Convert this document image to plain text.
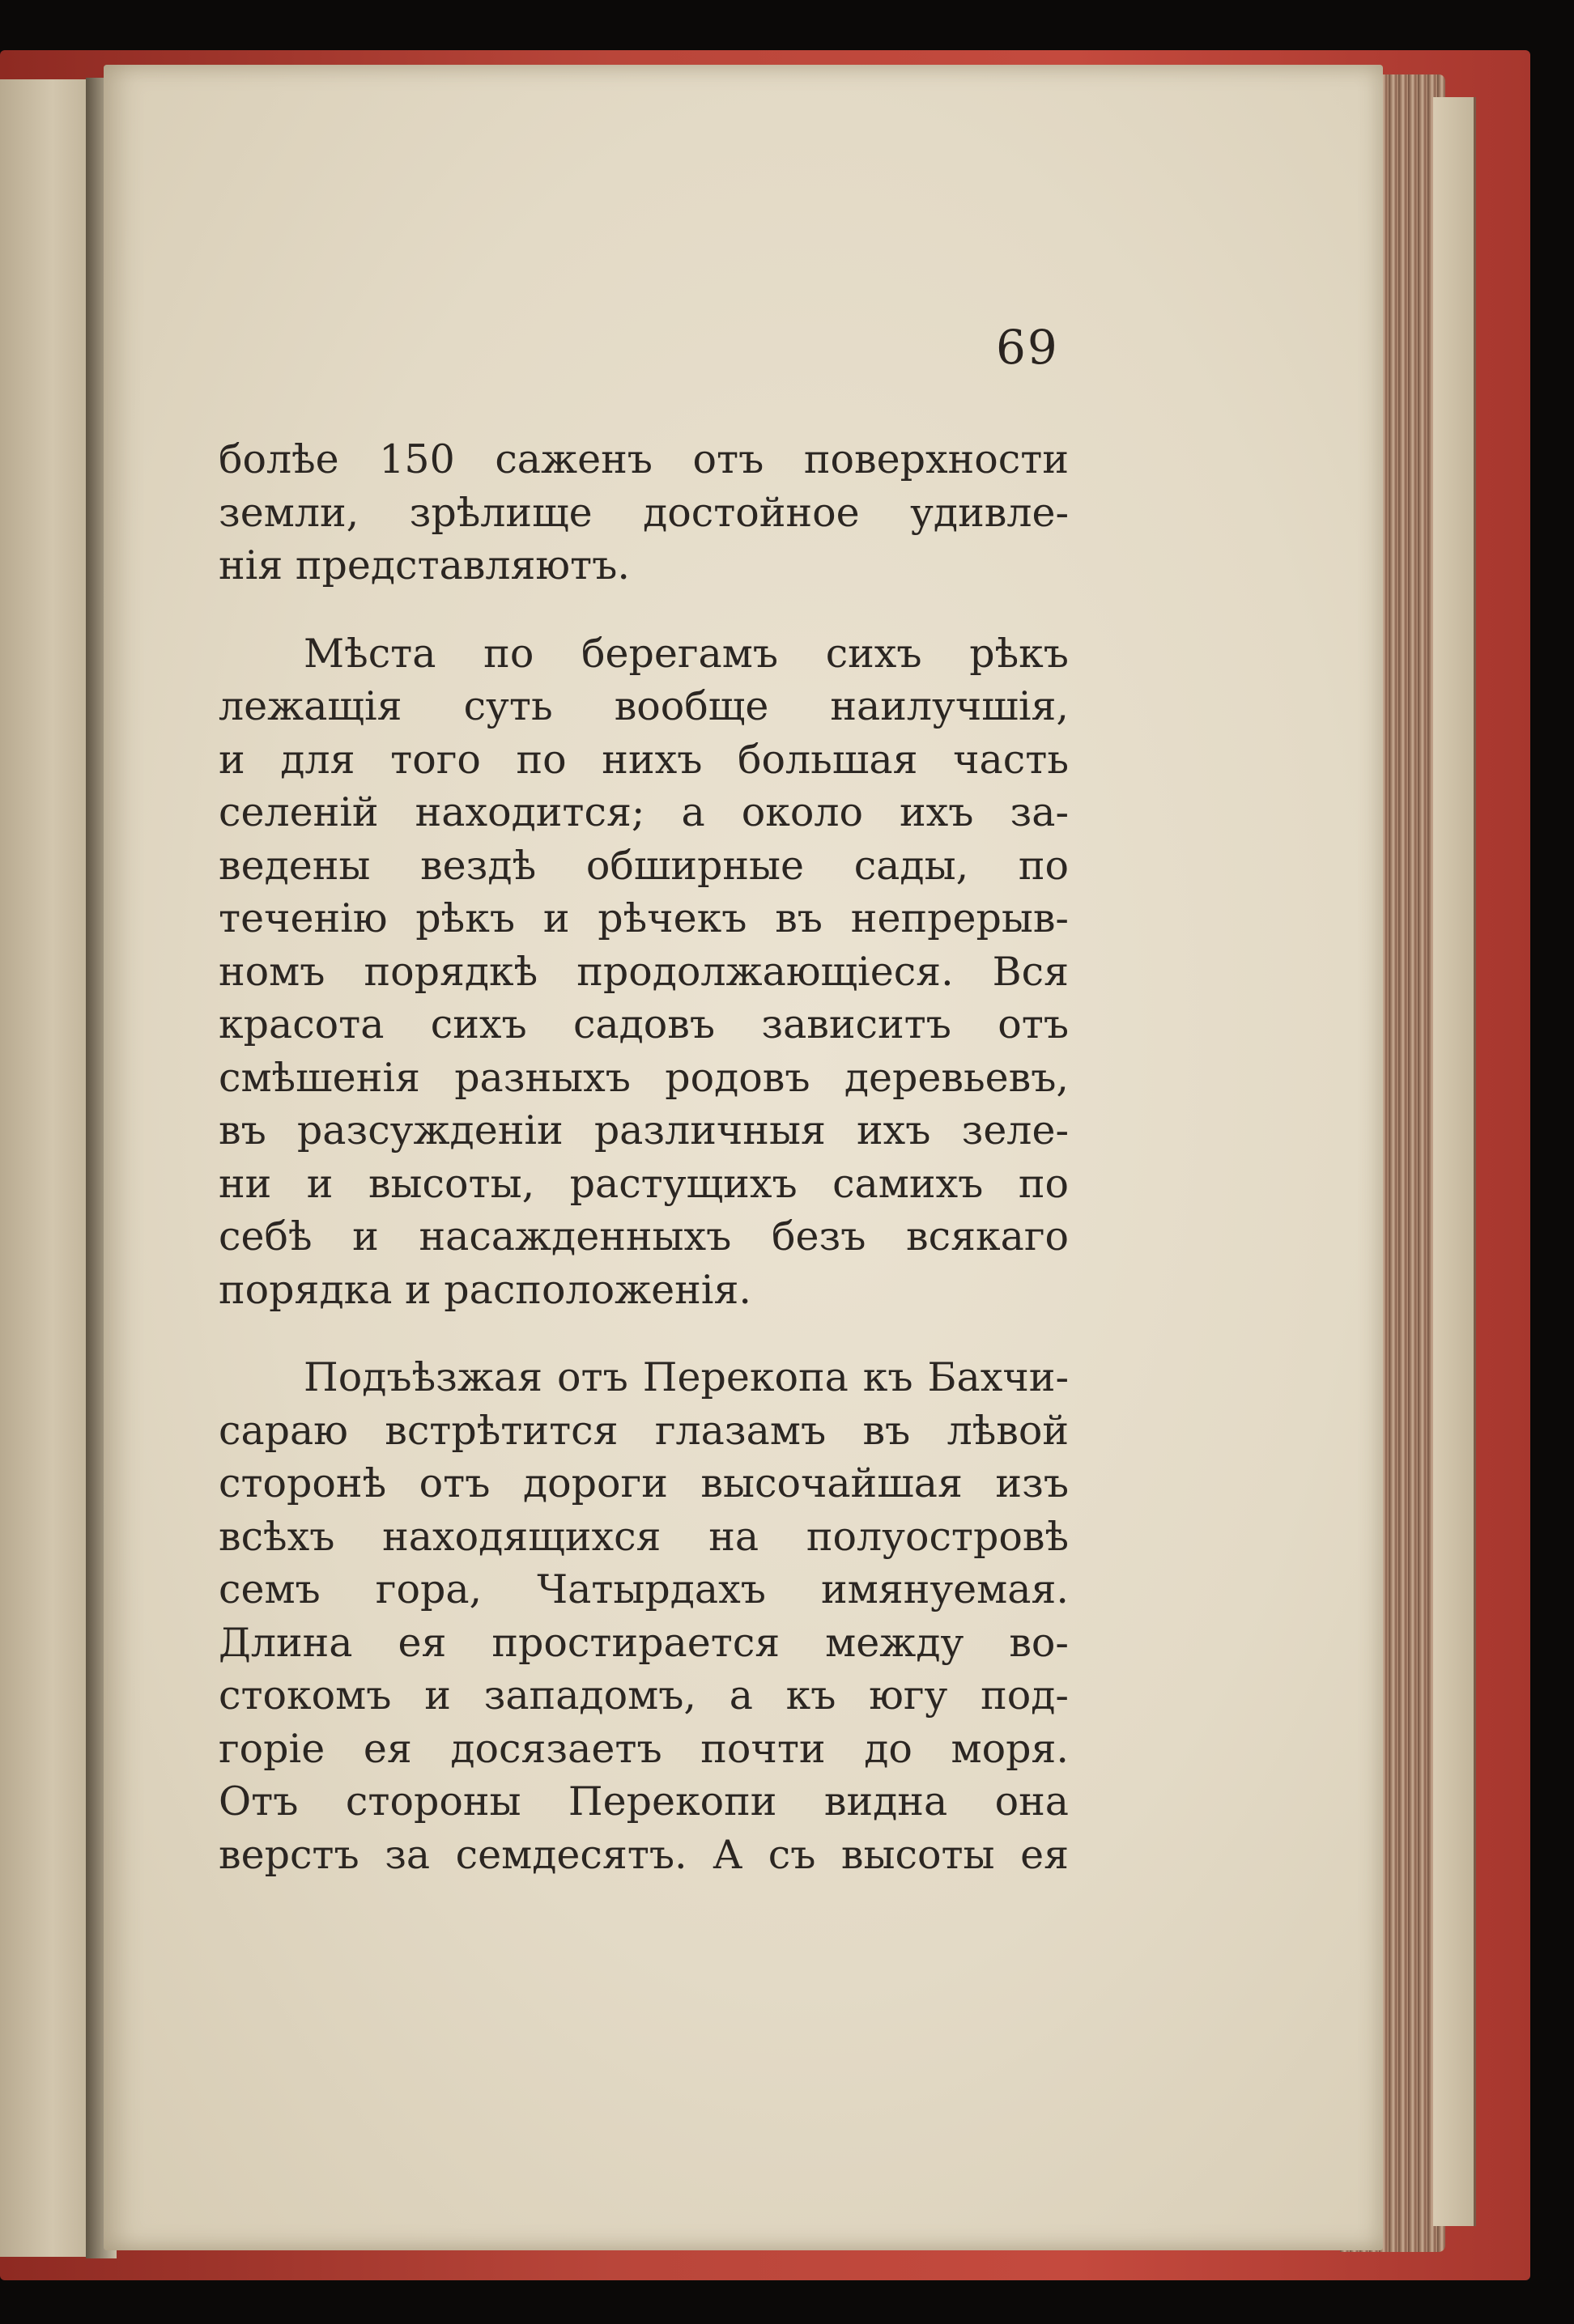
69
болѣе 150 саженъ отъ поверхности
земли, зрѣлище достойное удивле-
нія представляютъ.
Мѣста по берегамъ сихъ рѣкъ
лежащія суть вообще наилучшія,
и для того по нихъ большая часть
селеній находится; а около ихъ за-
ведены вездѣ обширные сады, по
теченію рѣкъ и рѣчекъ въ непрерыв-
номъ порядкѣ продолжающіеся. Вся
красота сихъ садовъ зависитъ отъ
смѣшенія разныхъ родовъ деревьевъ,
въ разсужденіи различныя ихъ зеле-
ни и высоты, растущихъ самихъ по
себѣ и насажденныхъ безъ всякаго
порядка и расположенія.
Подъѣзжая отъ Перекопа къ Бахчи-
сараю встрѣтится глазамъ въ лѣвой
сторонѣ отъ дороги высочайшая изъ
всѣхъ находящихся на полуостровѣ
семъ гора, Чатырдахъ имянуемая.
Длина ея простирается между во-
стокомъ и западомъ, а къ югу под-
горіе ея досязаетъ почти до моря.
Отъ стороны Перекопи видна она
верстъ за семдесятъ. А съ высоты ея
